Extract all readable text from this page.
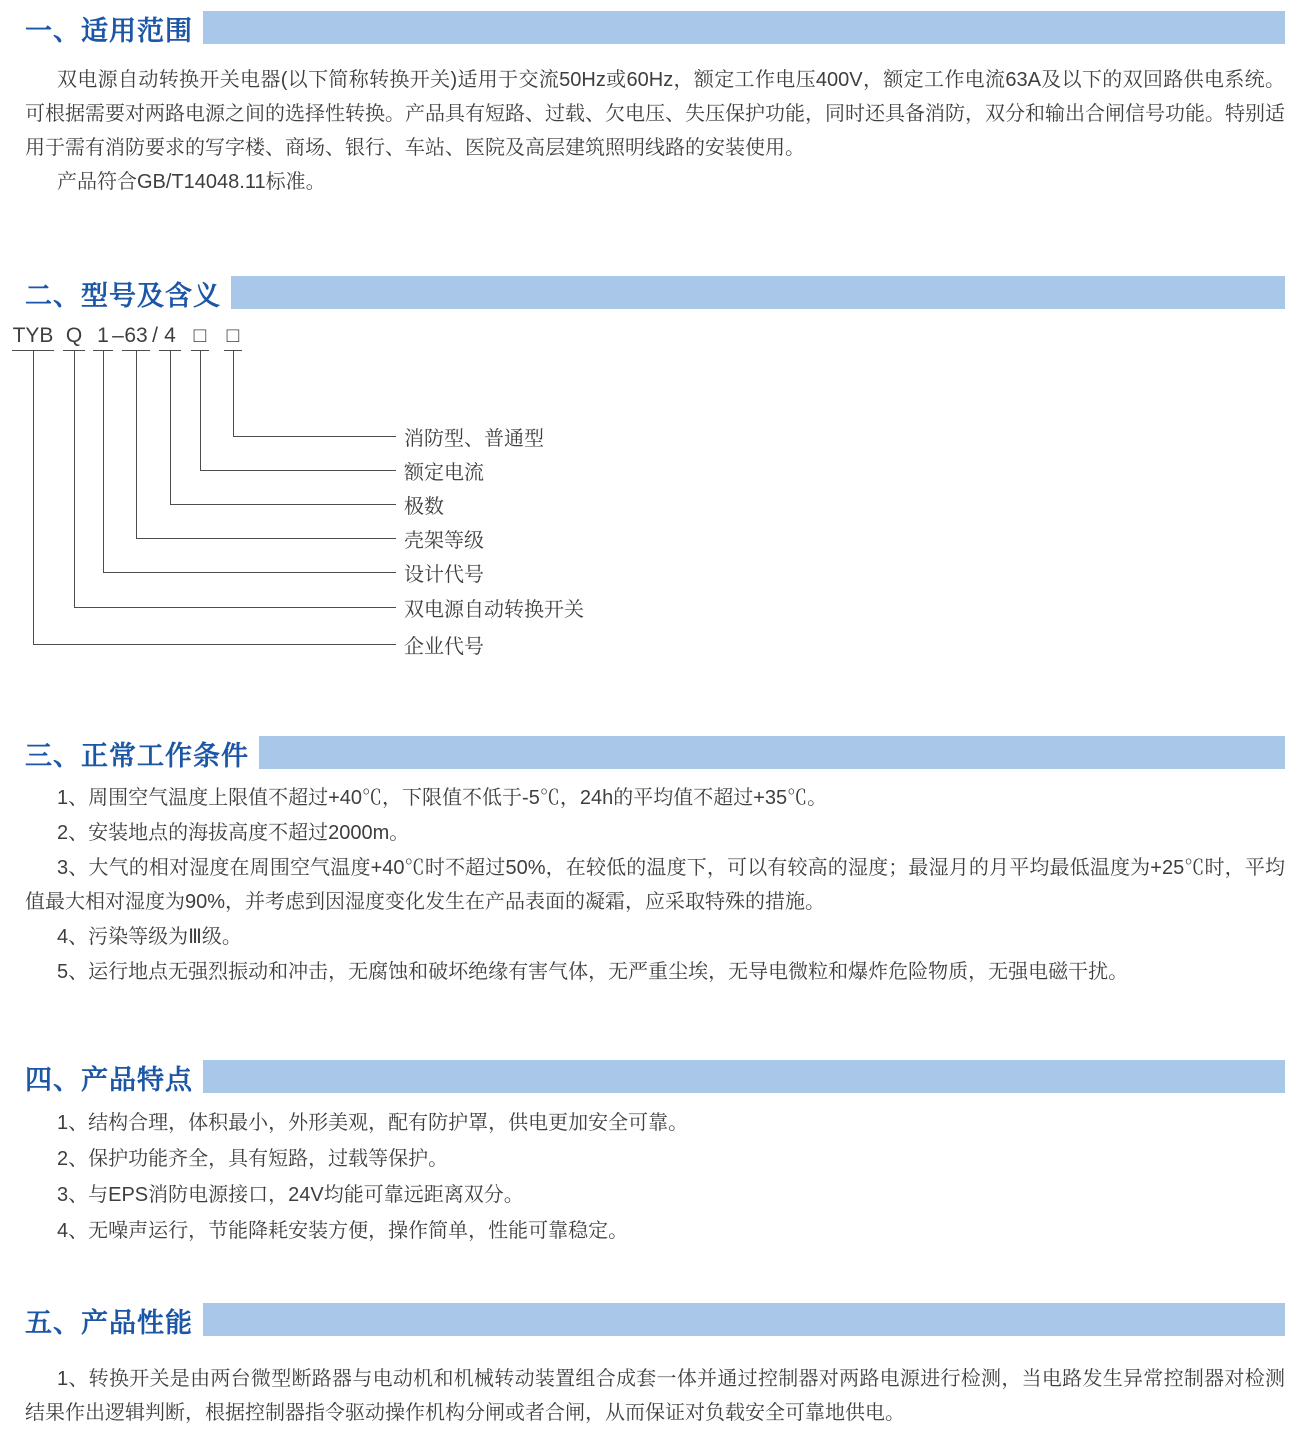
一、适用范围
双电源自动转换开关电器(以下简称转换开关)适用于交流50Hz或60Hz，额定工作电压400V，额定工作电流63A及以下的双回路供电系统。可根据需要对两路电源之间的选择性转换。产品具有短路、过载、欠电压、失压保护功能，同时还具备消防，双分和输出合闸信号功能。特别适用于需有消防要求的写字楼、商场、银行、车站、医院及高层建筑照明线路的安装使用。
产品符合GB/T14048.11标准。
二、型号及含义
TYB Q 1 – 63 / 4 □ □
消防型、普通型
额定电流
极数
壳架等级
设计代号
双电源自动转换开关
企业代号
三、正常工作条件
1、周围空气温度上限值不超过+40℃，下限值不低于-5℃，24h的平均值不超过+35℃。
2、安装地点的海拔高度不超过2000m。
3、大气的相对湿度在周围空气温度+40℃时不超过50%，在较低的温度下，可以有较高的湿度；最湿月的月平均最低温度为+25℃时，平均值最大相对湿度为90%，并考虑到因湿度变化发生在产品表面的凝霜，应采取特殊的措施。
4、污染等级为Ⅲ级。
5、运行地点无强烈振动和冲击，无腐蚀和破坏绝缘有害气体，无严重尘埃，无导电微粒和爆炸危险物质，无强电磁干扰。
四、产品特点
1、结构合理，体积最小，外形美观，配有防护罩，供电更加安全可靠。
2、保护功能齐全，具有短路，过载等保护。
3、与EPS消防电源接口，24V均能可靠远距离双分。
4、无噪声运行，节能降耗安装方便，操作简单，性能可靠稳定。
五、产品性能
1、转换开关是由两台微型断路器与电动机和机械转动装置组合成套一体并通过控制器对两路电源进行检测，当电路发生异常控制器对检测结果作出逻辑判断，根据控制器指令驱动操作机构分闸或者合闸，从而保证对负载安全可靠地供电。
